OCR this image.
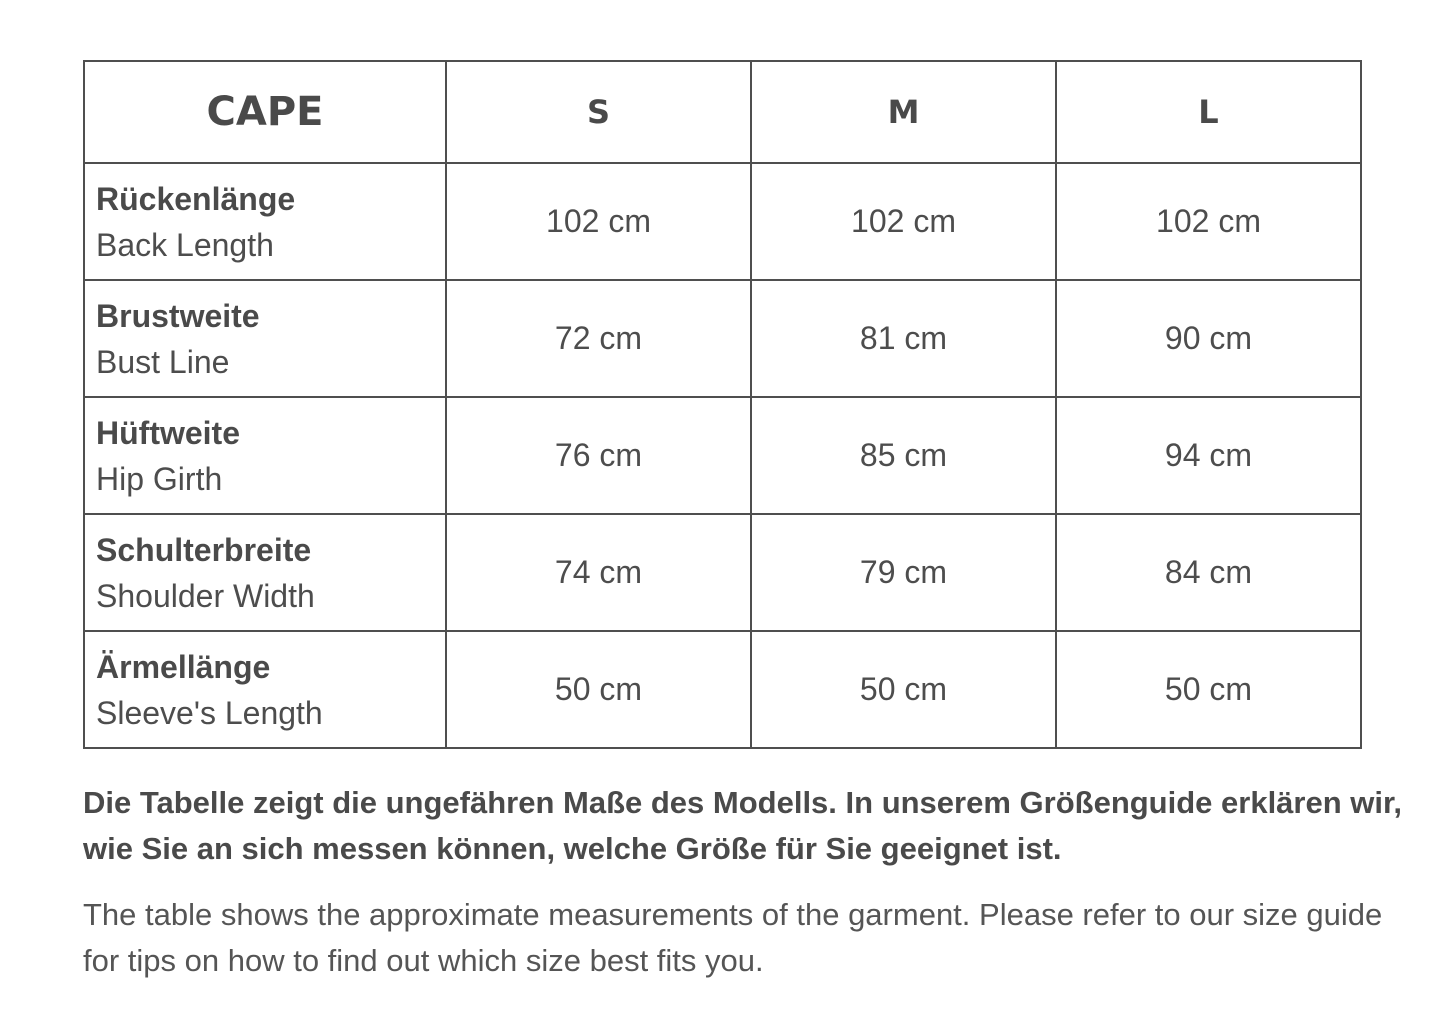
CAPE	S	M	L

Rückenlänge
Back Length	102 cm	102 cm	102 cm

Brustweite
Bust Line	72 cm	81 cm	90 cm

Hüftweite
Hip Girth	76 cm	85 cm	94 cm

Schulterbreite
Shoulder Width	74 cm	79 cm	84 cm

Ärmellänge
Sleeve's Length	50 cm	50 cm	50 cm

Die Tabelle zeigt die ungefähren Maße des Modells. In unserem Größenguide erklären wir, wie Sie an sich messen können, welche Größe für Sie geeignet ist.

The table shows the approximate measurements of the garment. Please refer to our size guide for tips on how to find out which size best fits you.
